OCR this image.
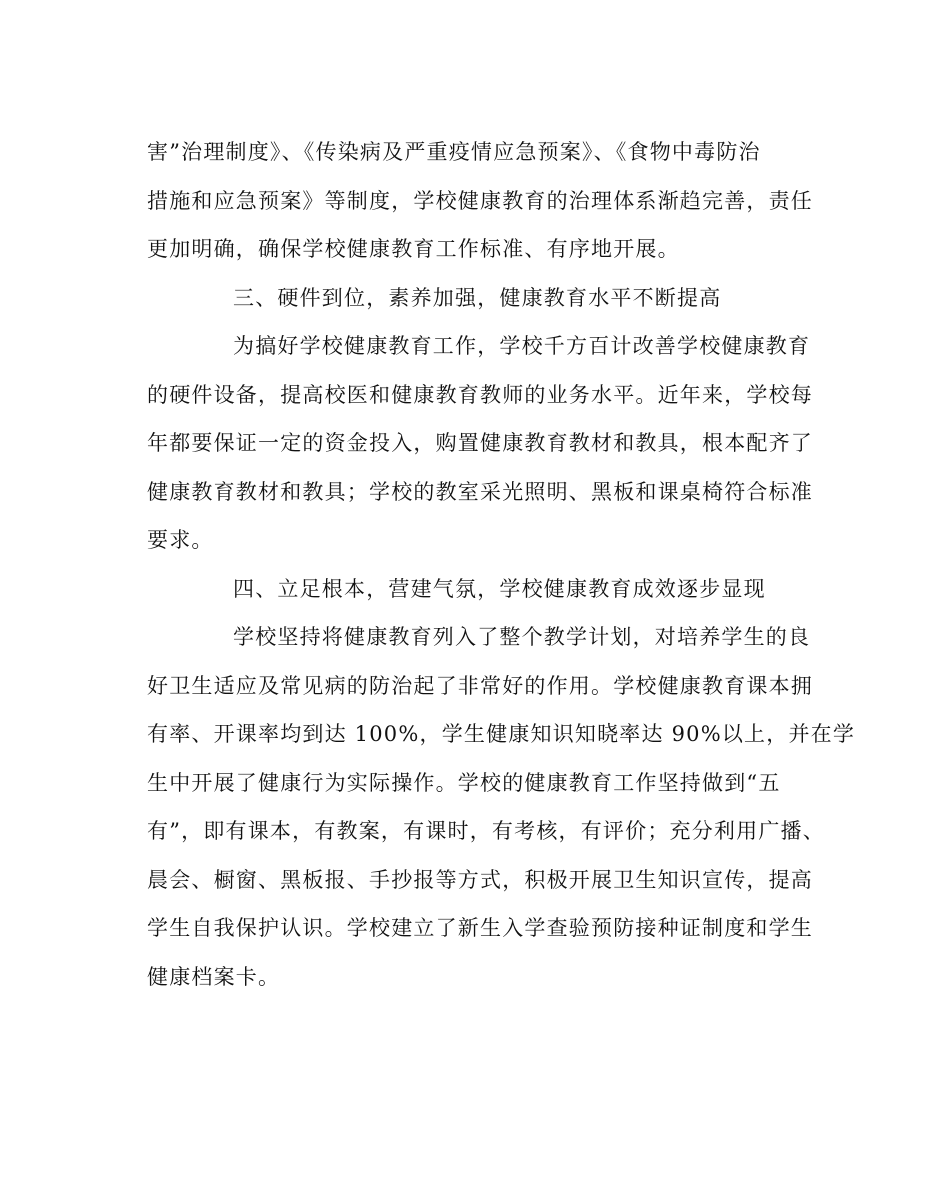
害”治理制度》、《传染病及严重疫情应急预案》、《食物中毒防治
措施和应急预案》等制度，学校健康教育的治理体系渐趋完善，责任
更加明确，确保学校健康教育工作标准、有序地开展。
三、硬件到位，素养加强，健康教育水平不断提高
为搞好学校健康教育工作，学校千方百计改善学校健康教育
的硬件设备，提高校医和健康教育教师的业务水平。近年来，学校每
年都要保证一定的资金投入，购置健康教育教材和教具，根本配齐了
健康教育教材和教具；学校的教室采光照明、黑板和课桌椅符合标准
要求。
四、立足根本，营建气氛，学校健康教育成效逐步显现
学校坚持将健康教育列入了整个教学计划，对培养学生的良
好卫生适应及常见病的防治起了非常好的作用。学校健康教育课本拥
有率、开课率均到达 100%，学生健康知识知晓率达 90%以上，并在学
生中开展了健康行为实际操作。学校的健康教育工作坚持做到“五
有”，即有课本，有教案，有课时，有考核，有评价；充分利用广播、
晨会、橱窗、黑板报、手抄报等方式，积极开展卫生知识宣传，提高
学生自我保护认识。学校建立了新生入学查验预防接种证制度和学生
健康档案卡。
